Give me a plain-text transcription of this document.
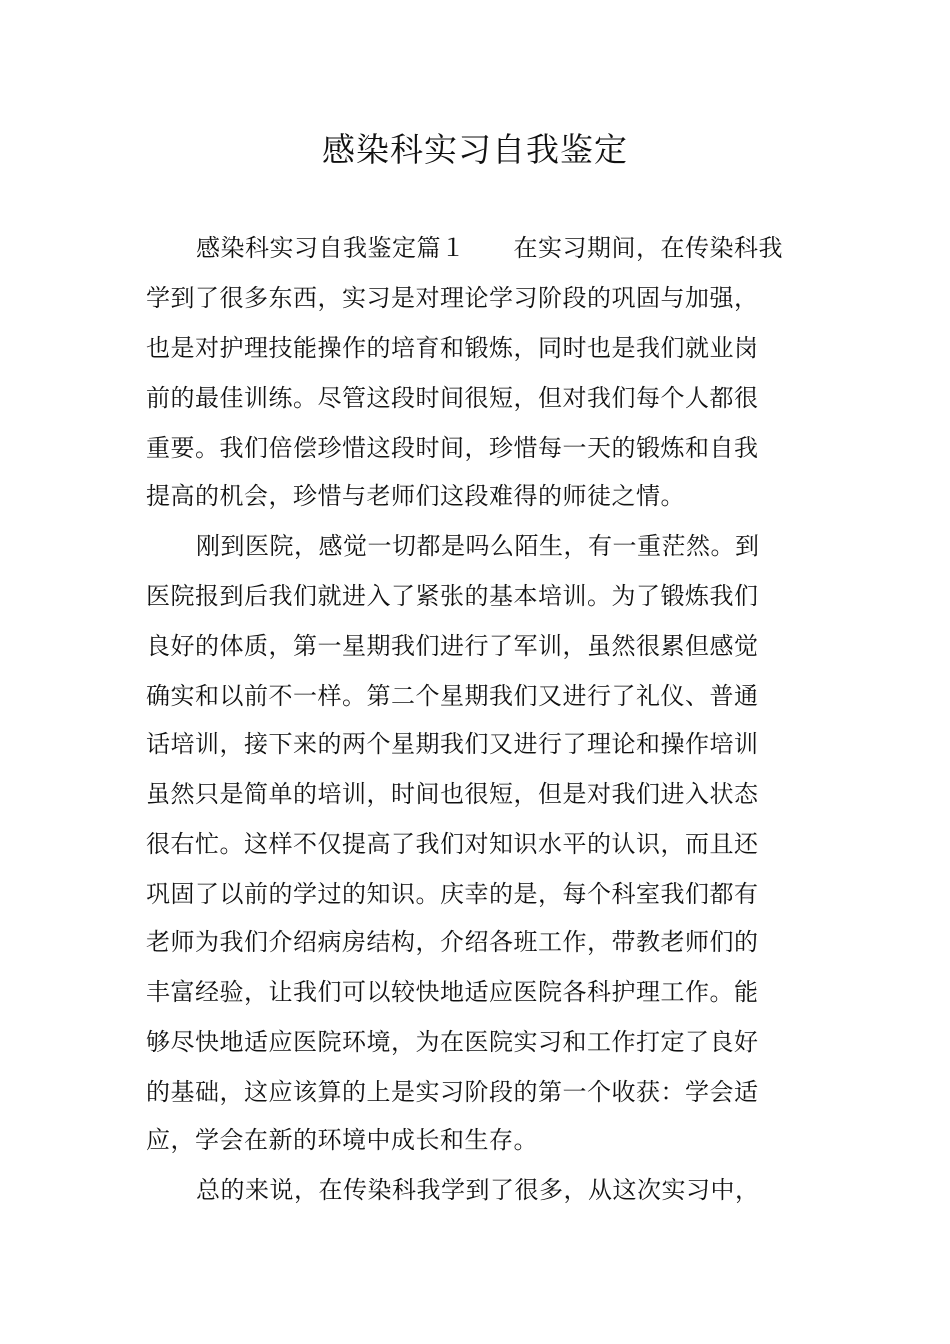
感染科实习自我鉴定
感染科实习自我鉴定篇１ 在实习期间，在传染科我
学到了很多东西，实习是对理论学习阶段的巩固与加强，
也是对护理技能操作的培育和锻炼，同时也是我们就业岗
前的最佳训练。尽管这段时间很短，但对我们每个人都很
重要。我们倍偿珍惜这段时间，珍惜每一天的锻炼和自我
提高的机会，珍惜与老师们这段难得的师徒之情。
刚到医院，感觉一切都是吗么陌生，有一重茫然。到
医院报到后我们就进入了紧张的基本培训。为了锻炼我们
良好的体质，第一星期我们进行了军训，虽然很累但感觉
确实和以前不一样。第二个星期我们又进行了礼仪、普通
话培训，接下来的两个星期我们又进行了理论和操作培训
虽然只是简单的培训，时间也很短，但是对我们进入状态
很右忙。这样不仅提高了我们对知识水平的认识，而且还
巩固了以前的学过的知识。庆幸的是，每个科室我们都有
老师为我们介绍病房结构，介绍各班工作，带教老师们的
丰富经验，让我们可以较快地适应医院各科护理工作。能
够尽快地适应医院环境，为在医院实习和工作打定了良好
的基础，这应该算的上是实习阶段的第一个收获：学会适
应，学会在新的环境中成长和生存。
总的来说，在传染科我学到了很多，从这次实习中，
